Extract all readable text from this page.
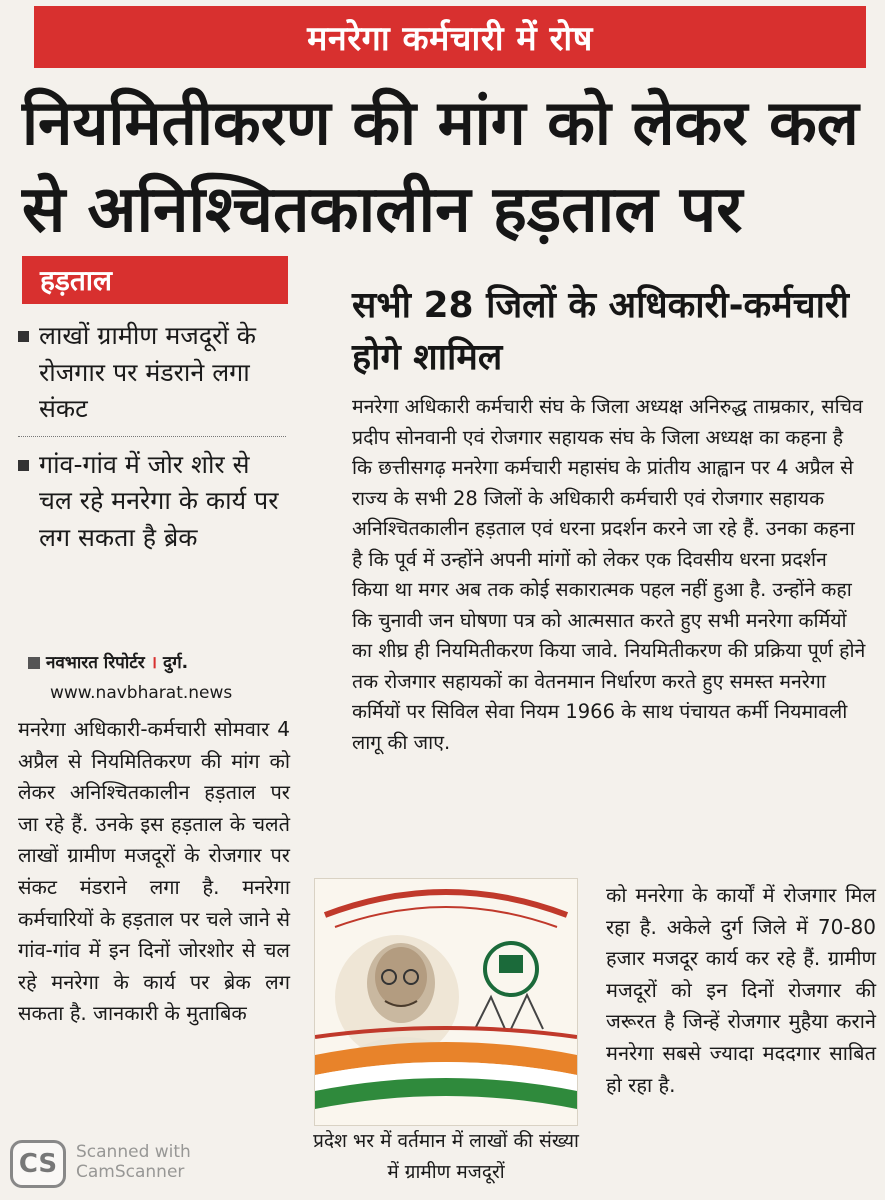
मनरेगा कर्मचारी में रोष
नियमितीकरण की मांग को लेकर कल
से अनिश्चितकालीन हड़ताल पर
हड़ताल
लाखों ग्रामीण मजदूरों के रोजगार पर मंडराने लगा संकट
गांव-गांव में जोर शोर से चल रहे मनरेगा के कार्य पर लग सकता है ब्रेक
नवभारत रिपोर्टर । दुर्ग.
www.navbharat.news

मनरेगा अधिकारी-कर्मचारी सोमवार 4 अप्रैल से नियमितिकरण की मांग को लेकर अनिश्चितकालीन हड़ताल पर जा रहे हैं. उनके इस हड़ताल के चलते लाखों ग्रामीण मजदूरों के रोजगार पर संकट मंडराने लगा है. मनरेगा कर्मचारियों के हड़ताल पर चले जाने से गांव-गांव में इन दिनों जोरशोर से चल रहे मनरेगा के कार्य पर ब्रेक लग सकता है. जानकारी के मुताबिक

सभी 28 जिलों के अधिकारी-कर्मचारी होगे शामिल

मनरेगा अधिकारी कर्मचारी संघ के जिला अध्यक्ष अनिरुद्ध ताम्रकार, सचिव प्रदीप सोनवानी एवं रोजगार सहायक संघ के जिला अध्यक्ष का कहना है कि छत्तीसगढ़ मनरेगा कर्मचारी महासंघ के प्रांतीय आह्वान पर 4 अप्रैल से राज्य के सभी 28 जिलों के अधिकारी कर्मचारी एवं रोजगार सहायक अनिश्चितकालीन हड़ताल एवं धरना प्रदर्शन करने जा रहे हैं. उनका कहना है कि पूर्व में उन्होंने अपनी मांगों को लेकर एक दिवसीय धरना प्रदर्शन किया था मगर अब तक कोई सकारात्मक पहल नहीं हुआ है. उन्होंने कहा कि चुनावी जन घोषणा पत्र को आत्मसात करते हुए सभी मनरेगा कर्मियों का शीघ्र ही नियमितीकरण किया जावे. नियमितीकरण की प्रक्रिया पूर्ण होने तक रोजगार सहायकों का वेतनमान निर्धारण करते हुए समस्त मनरेगा कर्मियों पर सिविल सेवा नियम 1966 के साथ पंचायत कर्मी नियमावली लागू की जाए.

प्रदेश भर में वर्तमान में लाखों की संख्या में ग्रामीण मजदूरों

को मनरेगा के कार्यों में रोजगार मिल रहा है. अकेले दुर्ग जिले में 70-80 हजार मजदूर कार्य कर रहे हैं. ग्रामीण मजदूरों को इन दिनों रोजगार की जरूरत है जिन्हें रोजगार मुहैया कराने मनरेगा सबसे ज्यादा मददगार साबित हो रहा है.

CS	Scanned with
CamScanner
